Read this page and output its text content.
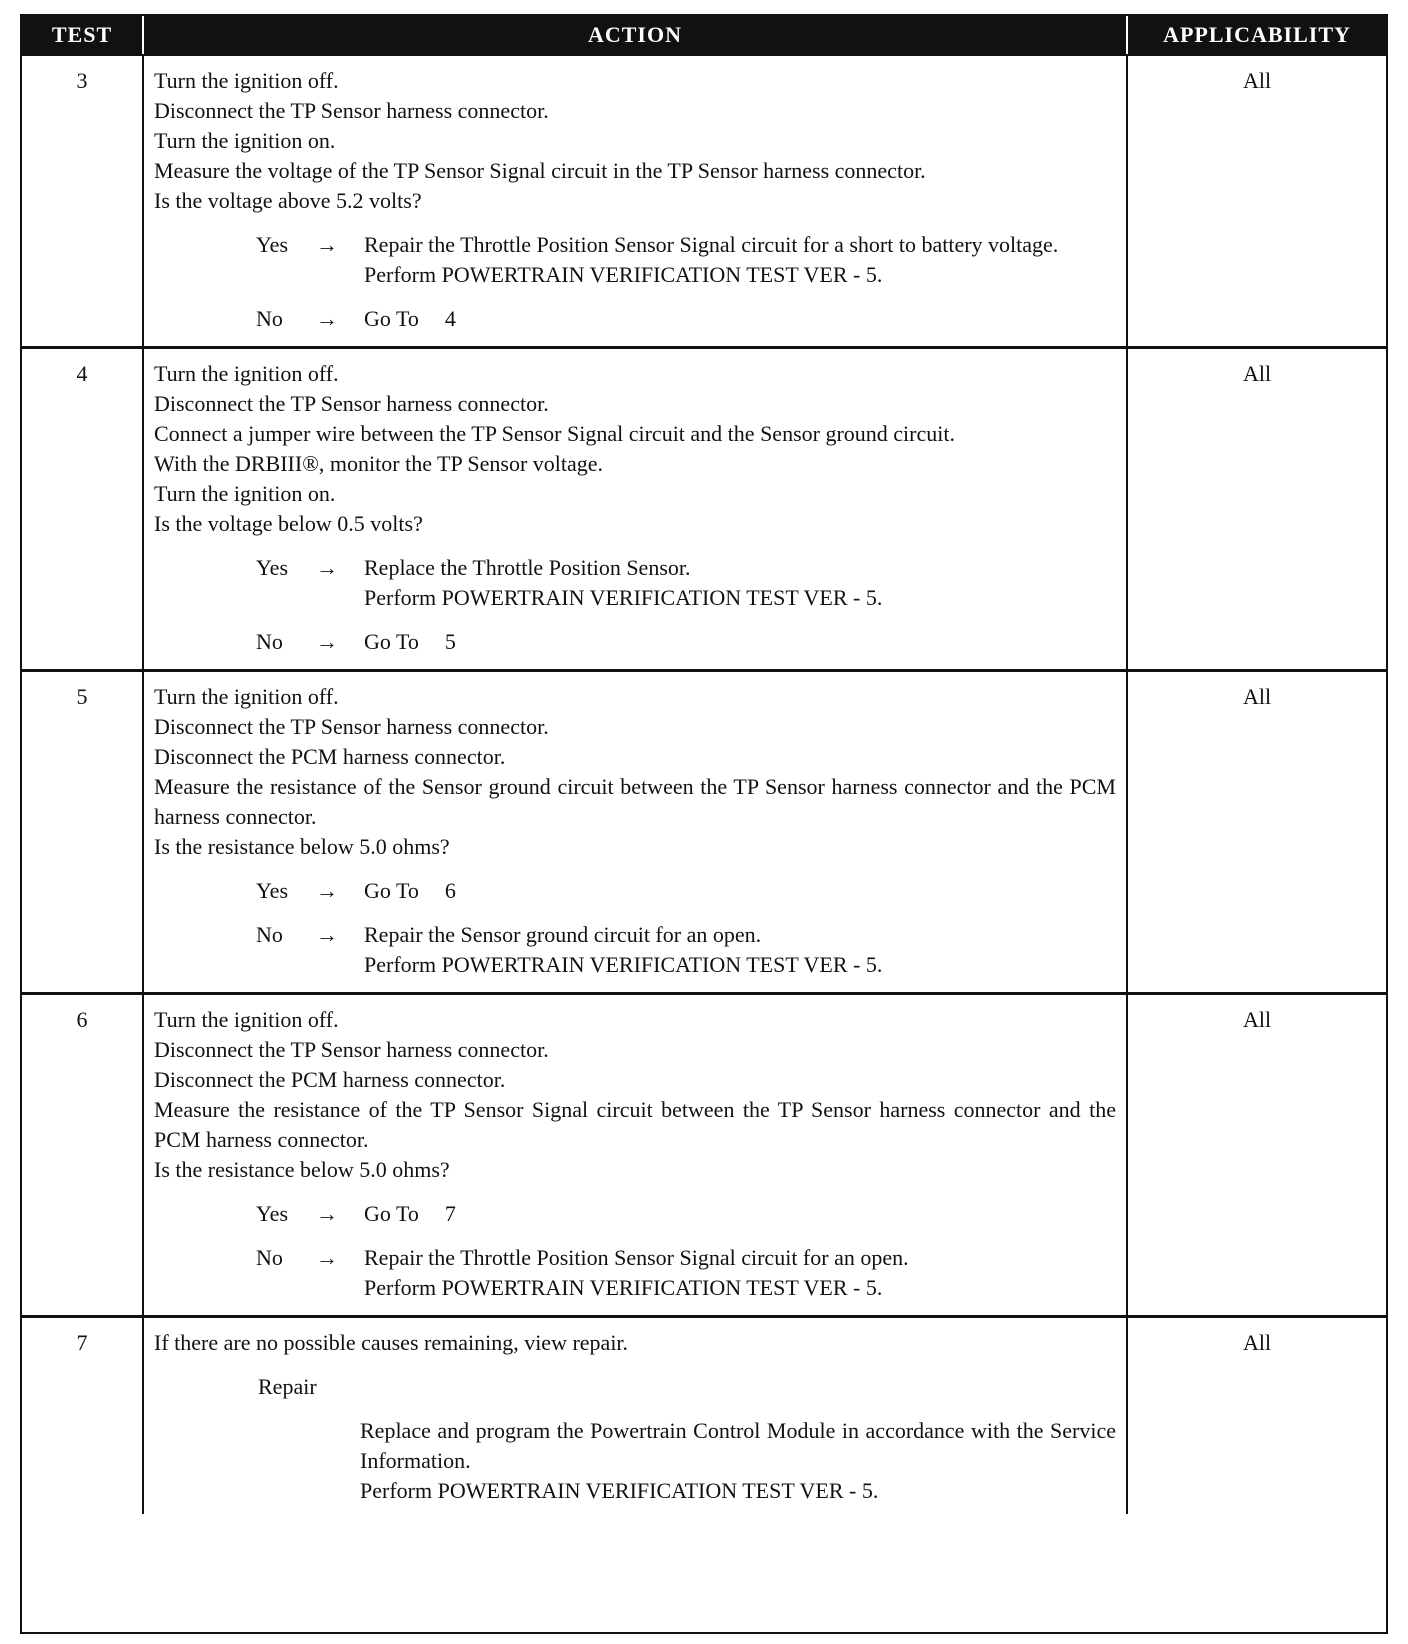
TEST	ACTION	APPLICABILITY
3	Turn the ignition off.
Disconnect the TP Sensor harness connector.
Turn the ignition on.
Measure the voltage of the TP Sensor Signal circuit in the TP Sensor harness connector.
Is the voltage above 5.2 volts?
Yes	→	Repair the Throttle Position Sensor Signal circuit for a short to battery voltage.
Perform POWERTRAIN VERIFICATION TEST VER - 5.
No	→	Go To 4
All
4	Turn the ignition off.
Disconnect the TP Sensor harness connector.
Connect a jumper wire between the TP Sensor Signal circuit and the Sensor ground circuit.
With the DRBIII®, monitor the TP Sensor voltage.
Turn the ignition on.
Is the voltage below 0.5 volts?
Yes	→	Replace the Throttle Position Sensor.
Perform POWERTRAIN VERIFICATION TEST VER - 5.
No	→	Go To 5
All
5	Turn the ignition off.
Disconnect the TP Sensor harness connector.
Disconnect the PCM harness connector.
Measure the resistance of the Sensor ground circuit between the TP Sensor harness connector and the PCM harness connector.
Is the resistance below 5.0 ohms?
Yes	→	Go To 6
No	→	Repair the Sensor ground circuit for an open.
Perform POWERTRAIN VERIFICATION TEST VER - 5.
All
6	Turn the ignition off.
Disconnect the TP Sensor harness connector.
Disconnect the PCM harness connector.
Measure the resistance of the TP Sensor Signal circuit between the TP Sensor harness connector and the PCM harness connector.
Is the resistance below 5.0 ohms?
Yes	→	Go To 7
No	→	Repair the Throttle Position Sensor Signal circuit for an open.
Perform POWERTRAIN VERIFICATION TEST VER - 5.
All
7	If there are no possible causes remaining, view repair.
Repair
Replace and program the Powertrain Control Module in accordance with the Service Information.
Perform POWERTRAIN VERIFICATION TEST VER - 5.
All
